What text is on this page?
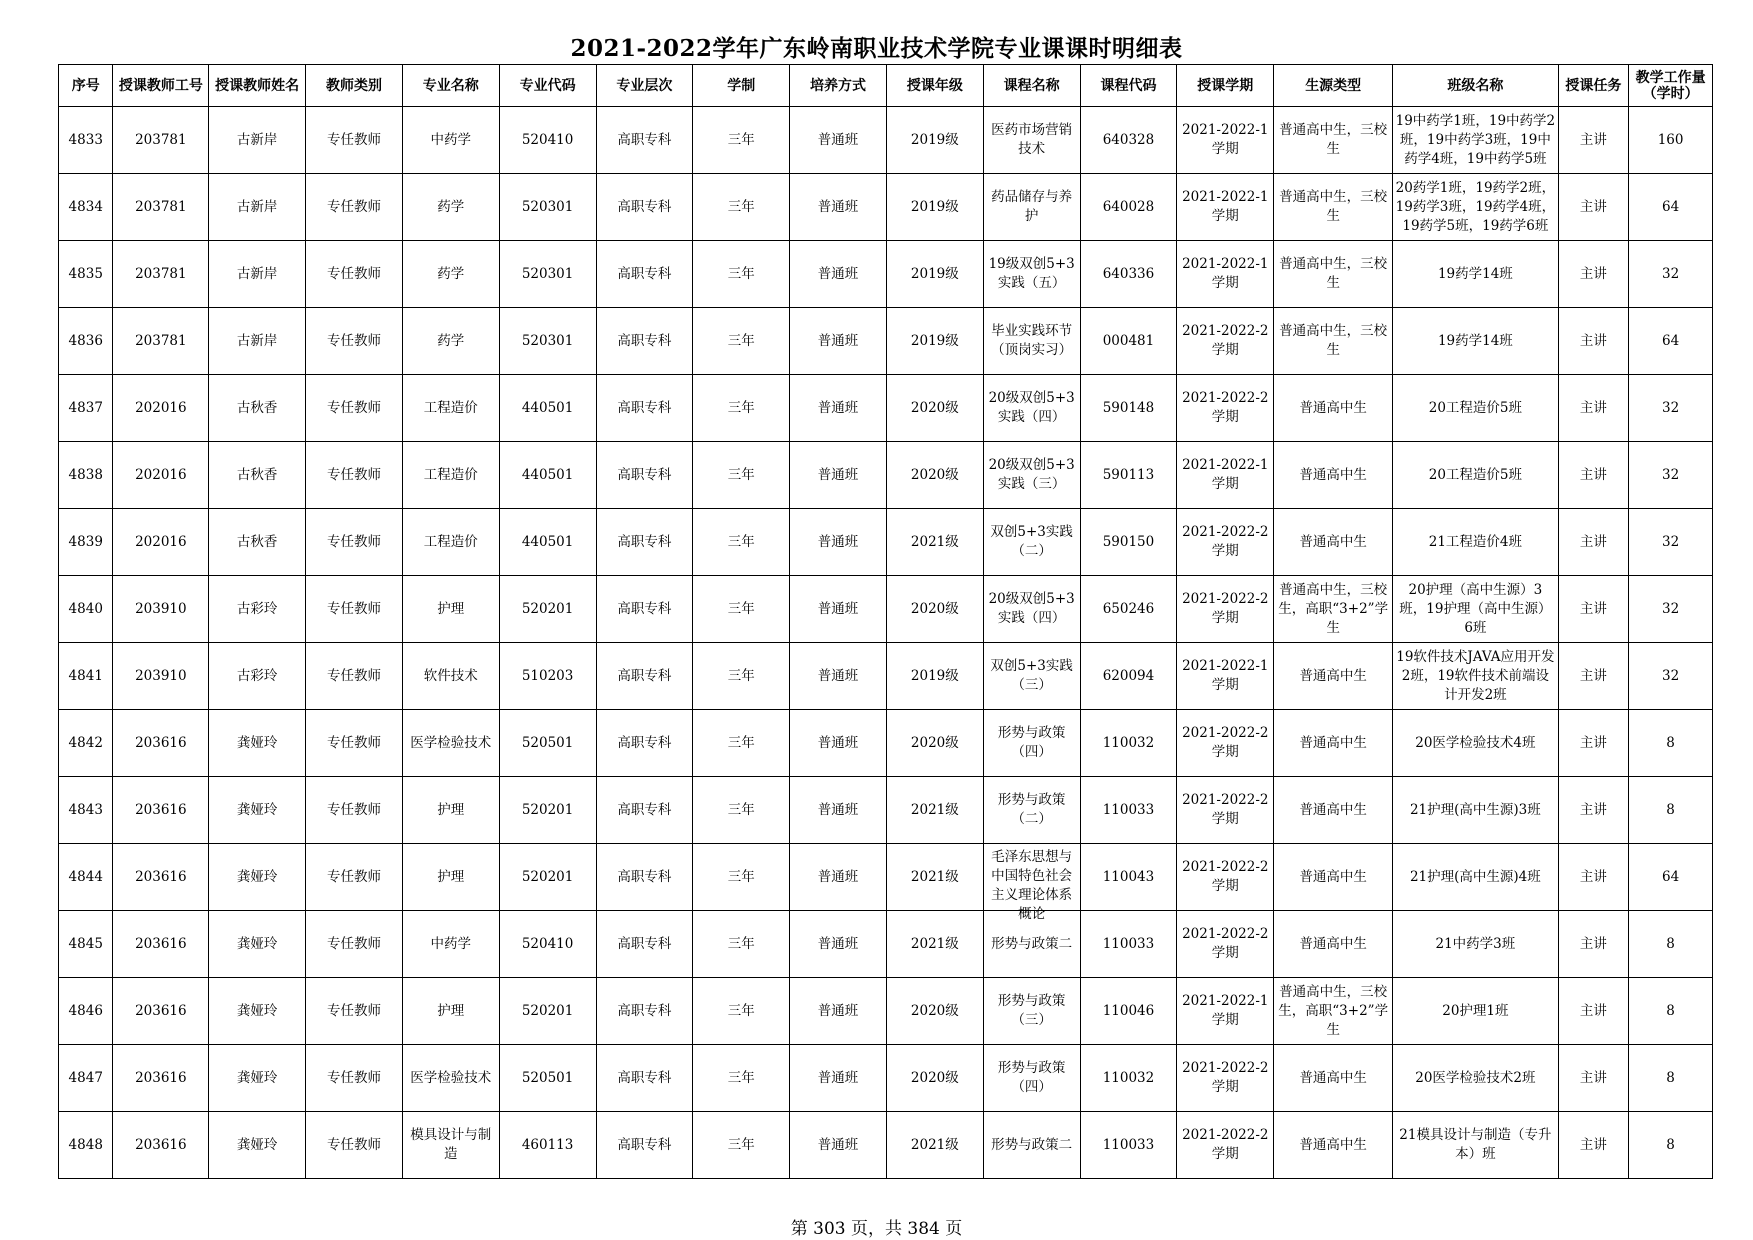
2021-2022学年广东岭南职业技术学院专业课课时明细表
序号	授课教师工号	授课教师姓名	教师类别	专业名称	专业代码	专业层次	学制	培养方式	授课年级	课程名称	课程代码	授课学期	生源类型	班级名称	授课任务	教学工作量（学时）

4833	203781	古新岸	专任教师	中药学	520410	高职专科	三年	普通班	2019级	医药市场营销技术	640328	2021-2022-1学期	普通高中生，三校生	19中药学1班，19中药学2班，19中药学3班，19中药学4班，19中药学5班	主讲	160

4834	203781	古新岸	专任教师	药学	520301	高职专科	三年	普通班	2019级	药品储存与养护	640028	2021-2022-1学期	普通高中生，三校生	20药学1班，19药学2班，19药学3班，19药学4班，19药学5班，19药学6班	主讲	64

4835	203781	古新岸	专任教师	药学	520301	高职专科	三年	普通班	2019级	19级双创5+3实践（五）	640336	2021-2022-1学期	普通高中生，三校生	19药学14班	主讲	32

4836	203781	古新岸	专任教师	药学	520301	高职专科	三年	普通班	2019级	毕业实践环节（顶岗实习）	000481	2021-2022-2学期	普通高中生，三校生	19药学14班	主讲	64

4837	202016	古秋香	专任教师	工程造价	440501	高职专科	三年	普通班	2020级	20级双创5+3实践（四）	590148	2021-2022-2学期	普通高中生	20工程造价5班	主讲	32

4838	202016	古秋香	专任教师	工程造价	440501	高职专科	三年	普通班	2020级	20级双创5+3实践（三）	590113	2021-2022-1学期	普通高中生	20工程造价5班	主讲	32

4839	202016	古秋香	专任教师	工程造价	440501	高职专科	三年	普通班	2021级	双创5+3实践（二）	590150	2021-2022-2学期	普通高中生	21工程造价4班	主讲	32

4840	203910	古彩玲	专任教师	护理	520201	高职专科	三年	普通班	2020级	20级双创5+3实践（四）	650246	2021-2022-2学期	普通高中生，三校生，高职“3+2”学生	20护理（高中生源）3班，19护理（高中生源）6班	主讲	32

4841	203910	古彩玲	专任教师	软件技术	510203	高职专科	三年	普通班	2019级	双创5+3实践（三）	620094	2021-2022-1学期	普通高中生	19软件技术JAVA应用开发2班，19软件技术前端设计开发2班	主讲	32

4842	203616	龚娅玲	专任教师	医学检验技术	520501	高职专科	三年	普通班	2020级	形势与政策（四）	110032	2021-2022-2学期	普通高中生	20医学检验技术4班	主讲	8

4843	203616	龚娅玲	专任教师	护理	520201	高职专科	三年	普通班	2021级	形势与政策（二）	110033	2021-2022-2学期	普通高中生	21护理(高中生源)3班	主讲	8

4844	203616	龚娅玲	专任教师	护理	520201	高职专科	三年	普通班	2021级	毛泽东思想与中国特色社会主义理论体系概论	110043	2021-2022-2学期	普通高中生	21护理(高中生源)4班	主讲	64

4845	203616	龚娅玲	专任教师	中药学	520410	高职专科	三年	普通班	2021级	形势与政策二	110033	2021-2022-2学期	普通高中生	21中药学3班	主讲	8

4846	203616	龚娅玲	专任教师	护理	520201	高职专科	三年	普通班	2020级	形势与政策（三）	110046	2021-2022-1学期	普通高中生，三校生，高职“3+2”学生	20护理1班	主讲	8

4847	203616	龚娅玲	专任教师	医学检验技术	520501	高职专科	三年	普通班	2020级	形势与政策（四）	110032	2021-2022-2学期	普通高中生	20医学检验技术2班	主讲	8

4848	203616	龚娅玲	专任教师	模具设计与制造	460113	高职专科	三年	普通班	2021级	形势与政策二	110033	2021-2022-2学期	普通高中生	21模具设计与制造（专升本）班	主讲	8
第 303 页，共 384 页
